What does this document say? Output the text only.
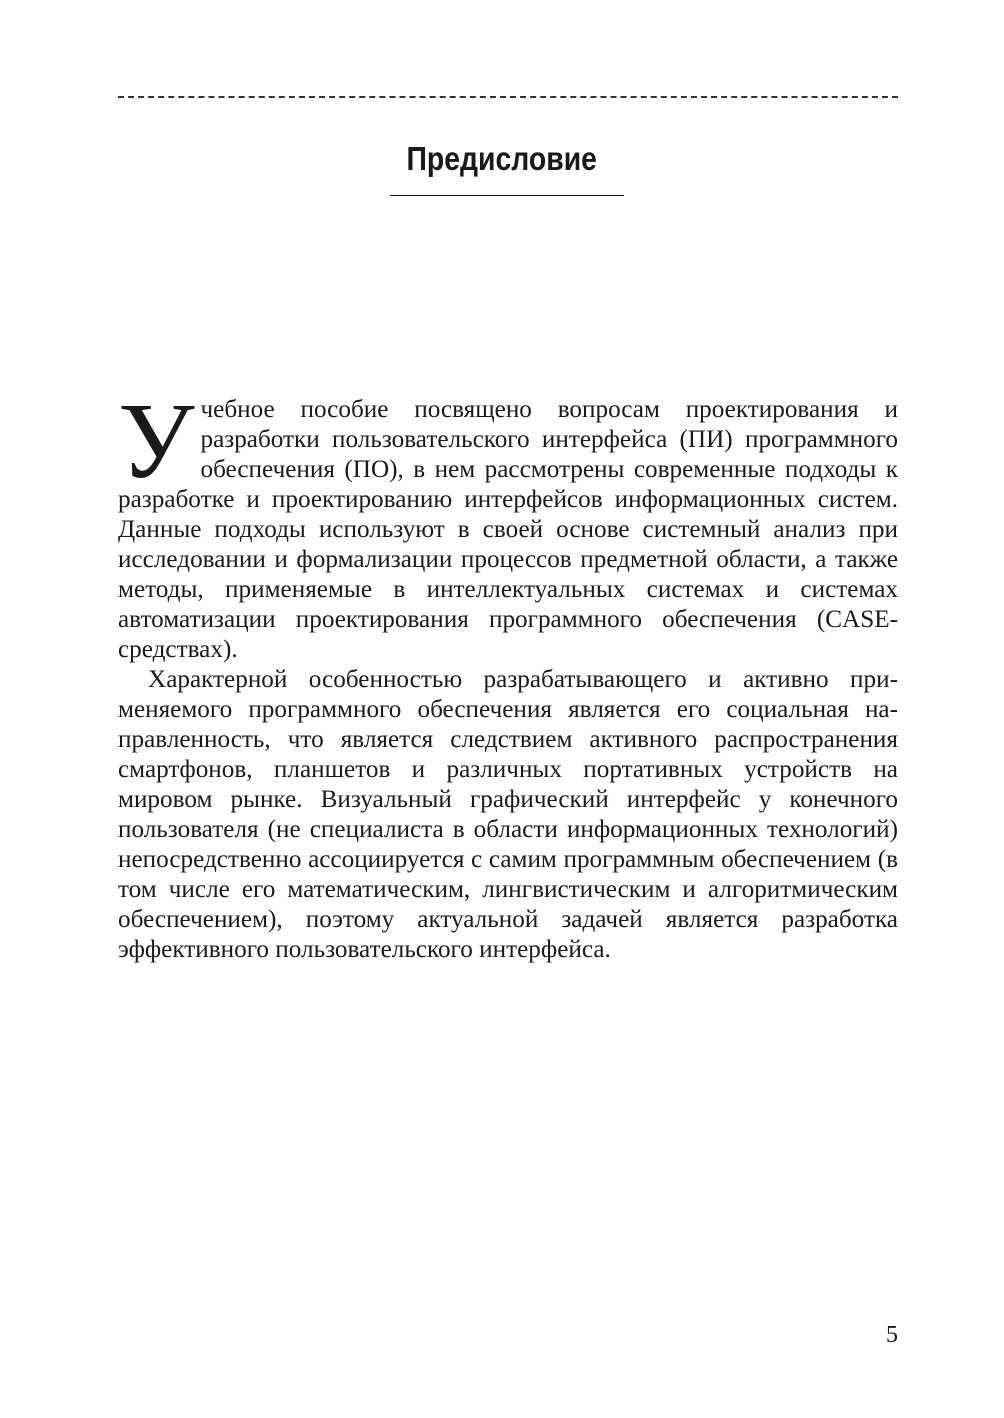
Предисловие

Учебное пособие посвящено вопросам проектирования и разработки пользовательского интерфейса (ПИ) программного обеспечения (ПО), в нем рассмотрены современные подходы к разработке и проектированию интерфейсов информационных систем. Данные подходы используют в своей основе системный анализ при исследовании и формализации процессов предметной области, а также методы, применяемые в интеллектуальных системах и системах автоматизации проектирования программного обеспечения (CASE-средствах).

Характерной особенностью разрабатывающего и активно применяемого программного обеспечения является его социальная направленность, что является следствием активного распространения смартфонов, планшетов и различных портативных устройств на мировом рынке. Визуальный графический интерфейс у конечного пользователя (не специалиста в области информационных технологий) непосредственно ассоциируется с самим программным обеспечением (в том числе его математическим, лингвистическим и алгоритмическим обеспечением), поэтому актуальной задачей является разработка эффективного пользовательского интерфейса.

5
